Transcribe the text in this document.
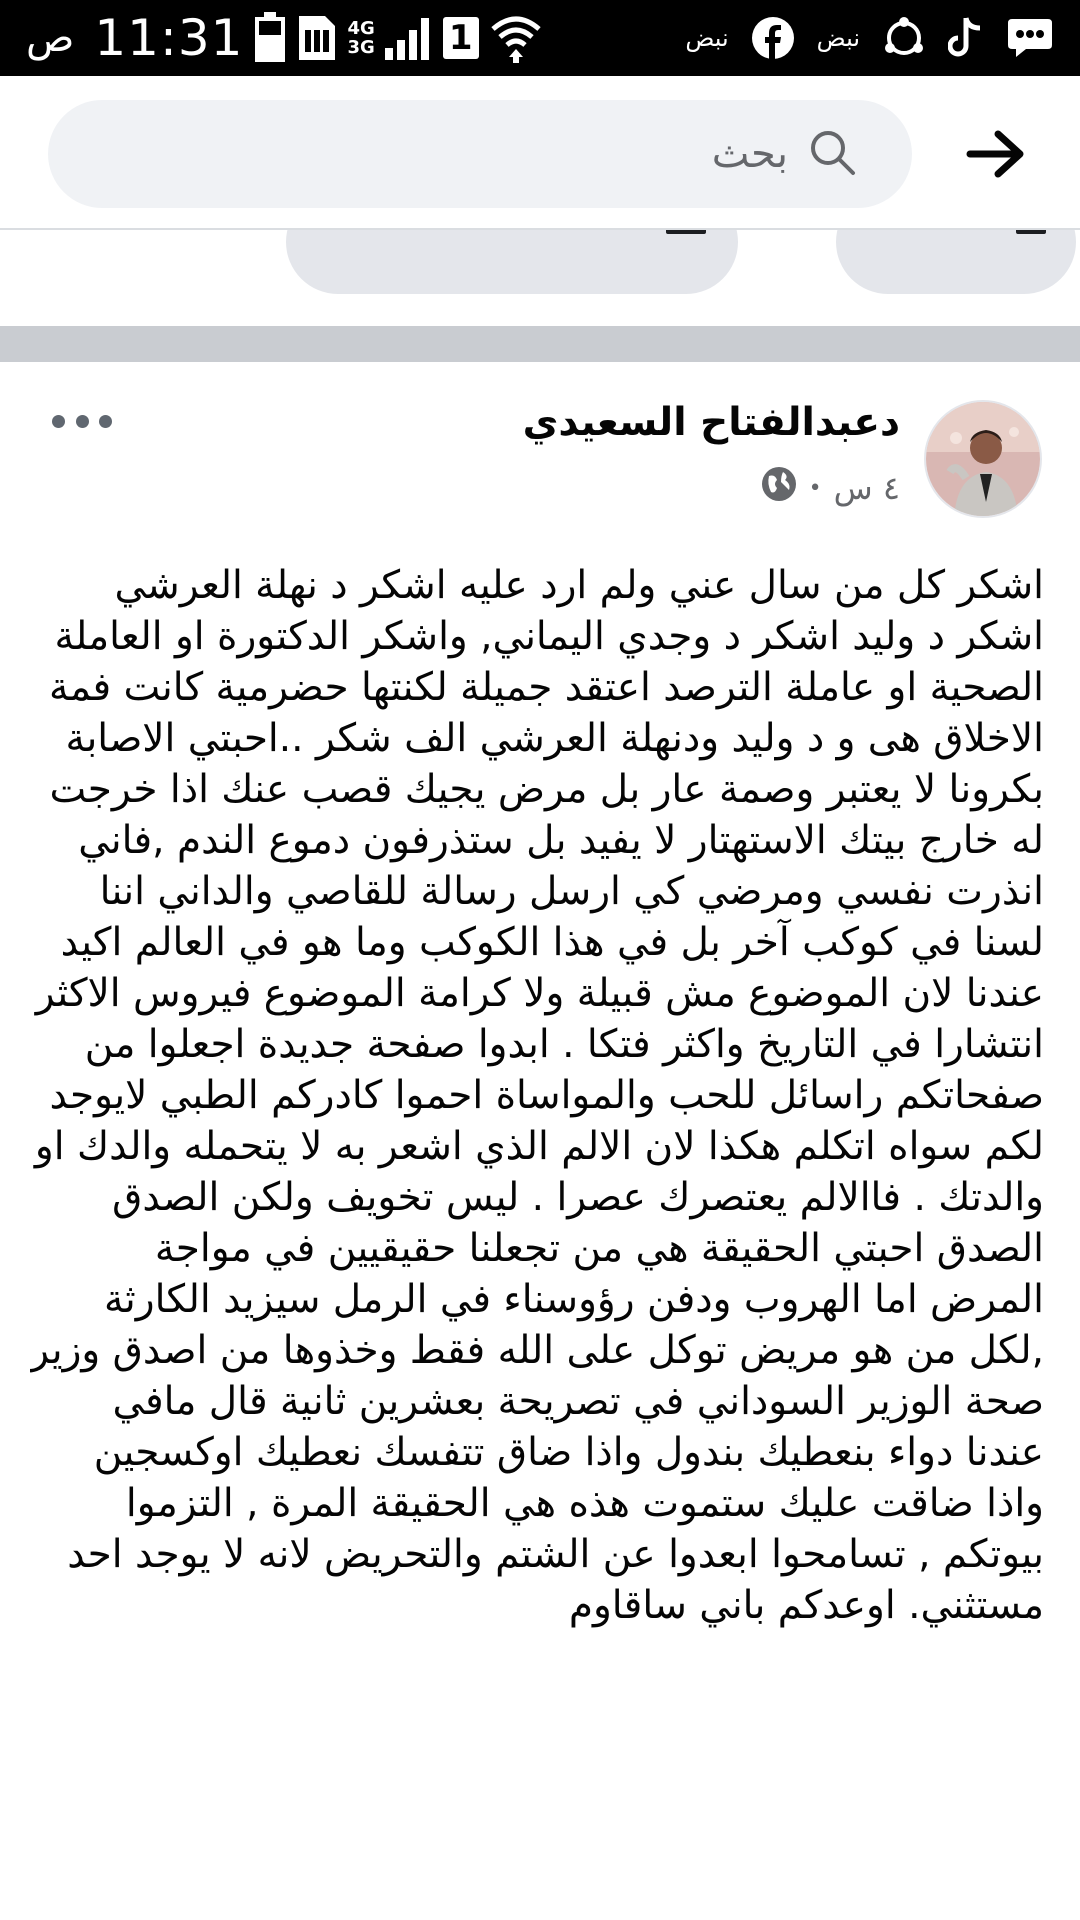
ص 11:31	4G
3G 1	نبض	نبض
بحث
دعبدالفتاح السعيدي
٤ س
•
اشكر كل من سال عني ولم ارد عليه اشكر د نهلة العرشي اشكر د وليد اشكر د وجدي اليماني, واشكر الدكتورة او العاملة الصحية او عاملة الترصد اعتقد جميلة لكنتها حضرمية كانت فمة الاخلاق هى و د وليد ودنهلة العرشي الف شكر ..احبتي الاصابة بكرونا لا يعتبر وصمة عار بل مرض يجيك قصب عنك اذا خرجت له خارج بيتك الاستهتار لا يفيد بل ستذرفون دموع الندم ,فاني انذرت نفسي ومرضي كي ارسل رسالة للقاصي والداني اننا لسنا في كوكب آخر بل في هذا الكوكب وما هو في العالم اكيد عندنا لان الموضوع مش قبيلة ولا كرامة الموضوع فيروس الاكثر انتشارا في التاريخ واكثر فتكا . ابدوا صفحة جديدة اجعلوا من صفحاتكم راسائل للحب والمواساة احموا كادركم الطبي لايوجد لكم سواه اتكلم هكذا لان الالم الذي اشعر به لا يتحمله والدك او والدتك . فاالالم يعتصرك عصرا . ليس تخويف ولكن الصدق الصدق احبتي الحقيقة هي من تجعلنا حقيقيين في مواجة المرض اما الهروب ودفن رؤوسناء في الرمل سيزيد الكارثة ,لكل من هو مريض توكل على الله فقط وخذوها من اصدق وزير صحة الوزير السوداني في تصريحة بعشرين ثانية قال مافي عندنا دواء بنعطيك بندول واذا ضاق تتفسك نعطيك اوكسجين واذا ضاقت عليك ستموت هذه هي الحقيقة المرة , التزموا بيوتكم , تسامحوا ابعدوا عن الشتم والتحريض لانه لا يوجد احد مستثني. اوعدكم باني ساقاوم
